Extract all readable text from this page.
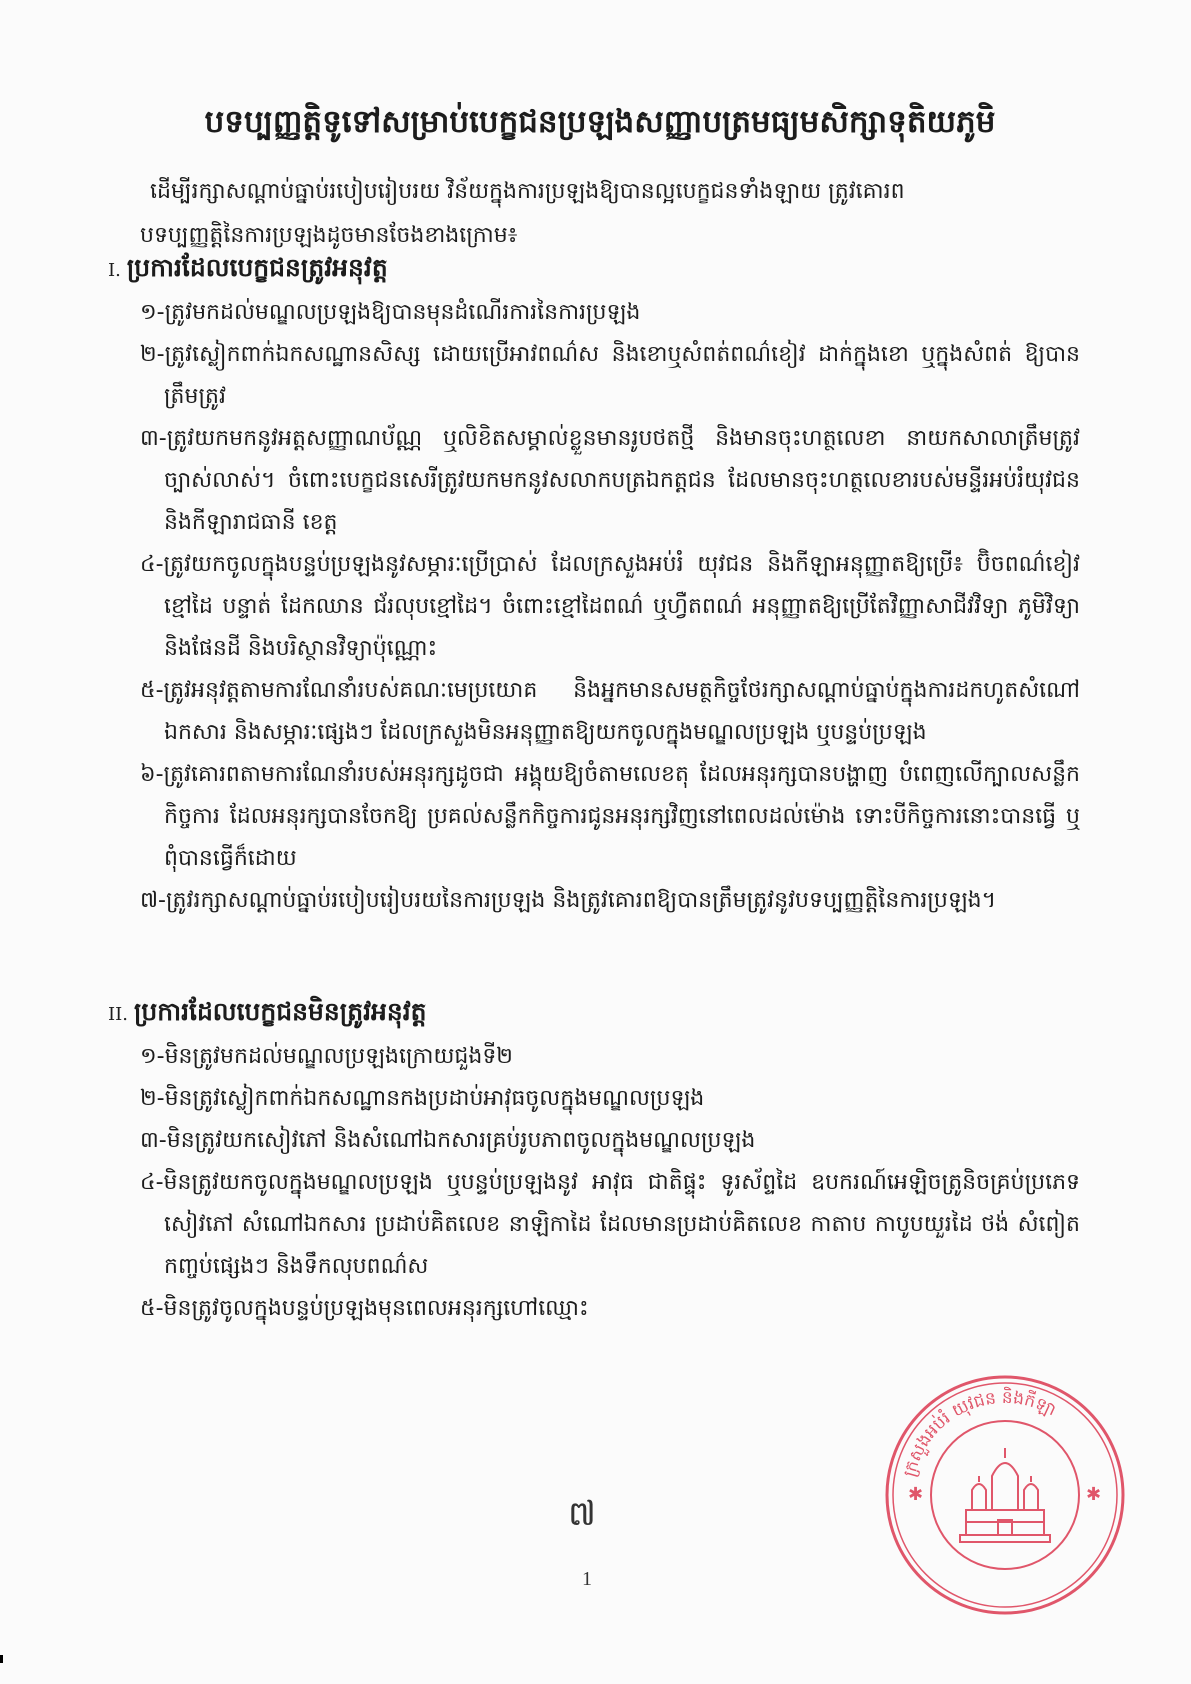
បទប្បញ្ញត្តិទូទៅសម្រាប់បេក្ខជនប្រឡងសញ្ញាបត្រមធ្យមសិក្សាទុតិយភូមិ
ដើម្បីរក្សាសណ្តាប់ធ្នាប់របៀបរៀបរយ វិន័យក្នុងការប្រឡងឱ្យបានល្អបេក្ខជនទាំងឡាយ ត្រូវគោរព
បទប្បញ្ញត្តិនៃការប្រឡងដូចមានចែងខាងក្រោម៖
I. ប្រការដែលបេក្ខជនត្រូវអនុវត្ត

១-ត្រូវមកដល់មណ្ឌលប្រឡងឱ្យបានមុនដំណើរការនៃការប្រឡង

២-ត្រូវស្លៀកពាក់ឯកសណ្ឋានសិស្ស ដោយប្រើអាវពណ៌ស និងខោឬសំពត់ពណ៌ខៀវ ដាក់ក្នុងខោ ឬក្នុងសំពត់ ឱ្យបានត្រឹមត្រូវ

៣-ត្រូវយកមកនូវអត្តសញ្ញាណប័ណ្ណ ឬលិខិតសម្គាល់ខ្លួនមានរូបថតថ្មី និងមានចុះហត្ថលេខា នាយកសាលាត្រឹមត្រូវច្បាស់លាស់។ ចំពោះបេក្ខជនសេរីត្រូវយកមកនូវសលាកបត្រឯកត្តជន ដែលមានចុះហត្ថលេខារបស់មន្ទីរអប់រំយុវជន និងកីឡារាជធានី ខេត្ត

៤-ត្រូវយកចូលក្នុងបន្ទប់ប្រឡងនូវសម្ភារៈប្រើប្រាស់ ដែលក្រសួងអប់រំ យុវជន និងកីឡាអនុញ្ញាតឱ្យប្រើ៖ ប៊ិចពណ៌ខៀវ ខ្មៅដៃ បន្ទាត់ ដែកឈាន ជ័រលុបខ្មៅដៃ។ ចំពោះខ្មៅដៃពណ៌ ឬហ្វឺតពណ៌ អនុញ្ញាតឱ្យប្រើតែវិញ្ញាសាជីវវិទ្យា ភូមិវិទ្យា និងផែនដី និងបរិស្ថានវិទ្យាប៉ុណ្ណោះ

៥-ត្រូវអនុវត្តតាមការណែនាំរបស់គណៈមេប្រយោគ និងអ្នកមានសមត្ថកិច្ចថែរក្សាសណ្តាប់ធ្នាប់ក្នុងការដកហូតសំណៅឯកសារ និងសម្ភារៈផ្សេងៗ ដែលក្រសួងមិនអនុញ្ញាតឱ្យយកចូលក្នុងមណ្ឌលប្រឡង ឬបន្ទប់ប្រឡង

៦-ត្រូវគោរពតាមការណែនាំរបស់អនុរក្សដូចជា អង្គុយឱ្យចំតាមលេខតុ ដែលអនុរក្សបានបង្ហាញ បំពេញលើក្បាលសន្លឹកកិច្ចការ ដែលអនុរក្សបានចែកឱ្យ ប្រគល់សន្លឹកកិច្ចការជូនអនុរក្សវិញនៅពេលដល់ម៉ោង ទោះបីកិច្ចការនោះបានធ្វើ ឬពុំបានធ្វើក៏ដោយ

៧-ត្រូវរក្សាសណ្តាប់ធ្នាប់របៀបរៀបរយនៃការប្រឡង និងត្រូវគោរពឱ្យបានត្រឹមត្រូវនូវបទប្បញ្ញត្តិនៃការប្រឡង។

II. ប្រការដែលបេក្ខជនមិនត្រូវអនុវត្ត

១-មិនត្រូវមកដល់មណ្ឌលប្រឡងក្រោយជួងទី២

២-មិនត្រូវស្លៀកពាក់ឯកសណ្ឋានកងប្រដាប់អាវុធចូលក្នុងមណ្ឌលប្រឡង

៣-មិនត្រូវយកសៀវភៅ និងសំណៅឯកសារគ្រប់រូបភាពចូលក្នុងមណ្ឌលប្រឡង

៤-មិនត្រូវយកចូលក្នុងមណ្ឌលប្រឡង ឬបន្ទប់ប្រឡងនូវ អាវុធ ជាតិផ្ទុះ ទូរស័ព្ទដៃ ឧបករណ៍អេឡិចត្រូនិចគ្រប់ប្រភេទ សៀវភៅ សំណៅឯកសារ ប្រដាប់គិតលេខ នាឡិកាដៃ ដែលមានប្រដាប់គិតលេខ កាតាប កាបូបយួរដៃ ថង់ សំពៀត កញ្ចប់ផ្សេងៗ និងទឹកលុបពណ៌ស

៥-មិនត្រូវចូលក្នុងបន្ទប់ប្រឡងមុនពេលអនុរក្សហៅឈ្មោះ

ក្រសួងអប់រំ យុវជន និងកីឡា
✱	✱
៧
1
